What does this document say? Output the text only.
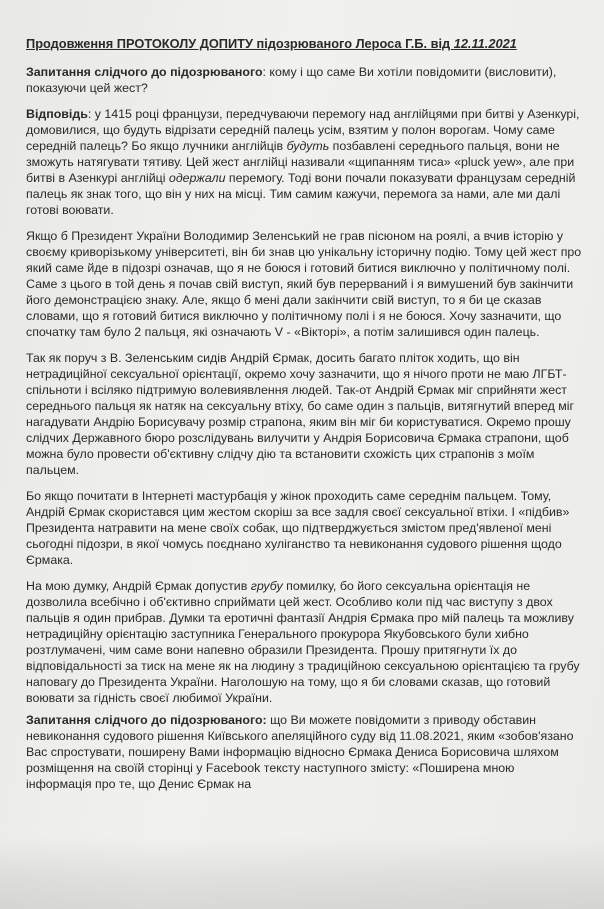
Продовження ПРОТОКОЛУ ДОПИТУ підозрюваного Лероса Г.Б. від 12.11.2021

Запитання слідчого до підозрюваного: кому і що саме Ви хотіли повідомити (висловити), показуючи цей жест?

Відповідь: у 1415 році французи, передчуваючи перемогу над англійцями при битві у Азенкурі, домовилися, що будуть відрізати середній палець усім, взятим у полон ворогам. Чому саме середній палець? Бо якщо лучники англійців будуть позбавлені середнього пальця, вони не зможуть натягувати тятиву. Цей жест англійці називали «щипанням тиса» «pluck yew», але при битві в Азенкурі англійці одержали перемогу. Тоді вони почали показувати французам середній палець як знак того, що він у них на місці. Тим самим кажучи, перемога за нами, але ми далі готові воювати.

Якщо б Президент України Володимир Зеленський не грав пісюном на роялі, а вчив історію у своєму криворізькому університеті, він би знав цю унікальну історичну подію. Тому цей жест про який саме йде в підозрі означав, що я не боюся і готовий битися виключно у політичному полі. Саме з цього в той день я почав свій виступ, який був перерваний і я вимушений був закінчити його демонстрацією знаку. Але, якщо б мені дали закінчити свій виступ, то я би це сказав словами, що я готовий битися виключно у політичному полі і я не боюся. Хочу зазначити, що спочатку там було 2 пальця, які означають V - «Вікторі», а потім залишився один палець.

Так як поруч з В. Зеленським сидів Андрій Єрмак, досить багато пліток ходить, що він нетрадиційної сексуальної орієнтації, окремо хочу зазначити, що я нічого проти не маю ЛГБТ-спільноти і всіляко підтримую волевиявлення людей. Так-от Андрій Єрмак міг сприйняти жест середнього пальця як натяк на сексуальну втіху, бо саме один з пальців, витягнутий вперед міг нагадувати Андрію Борисувачу розмір страпона, яким він міг би користуватися. Окремо прошу слідчих Державного бюро розслідувань вилучити у Андрія Борисовича Єрмака страпони, щоб можна було провести об'єктивну слідчу дію та встановити схожість цих страпонів з моїм пальцем.

Бо якщо почитати в Інтернеті мастурбація у жінок проходить саме середнім пальцем. Тому, Андрій Єрмак скористався цим жестом скоріш за все задля своєї сексуальної втіхи. І «підбив» Президента натравити на мене своїх собак, що підтверджується змістом пред'явленої мені сьогодні підозри, в якої чомусь поєднано хуліганство та невиконання судового рішення щодо Єрмака.

На мою думку, Андрій Єрмак допустив грубу помилку, бо його сексуальна орієнтація не дозволила всебічно і об'єктивно сприймати цей жест. Особливо коли під час виступу з двох пальців я один прибрав. Думки та еротичні фантазії Андрія Єрмака про мій палець та можливу нетрадиційну орієнтацію заступника Генерального прокурора Якубовського були хибно розтлумачені, чим саме вони напевно образили Президента. Прошу притягнути їх до відповідальності за тиск на мене як на людину з традиційною сексуальною орієнтацією та грубу наповагу до Президента України. Наголошую на тому, що я би словами сказав, що готовий воювати за гідність своєї любимої України.

Запитання слідчого до підозрюваного: що Ви можете повідомити з приводу обставин невиконання судового рішення Київського апеляційного суду від 11.08.2021, яким «зобов'язано Вас спростувати, поширену Вами інформацію відносно Єрмака Дениса Борисовича шляхом розміщення на своїй сторінці у Facebook тексту наступного змісту: «Поширена мною інформація про те, що Денис Єрмак на
